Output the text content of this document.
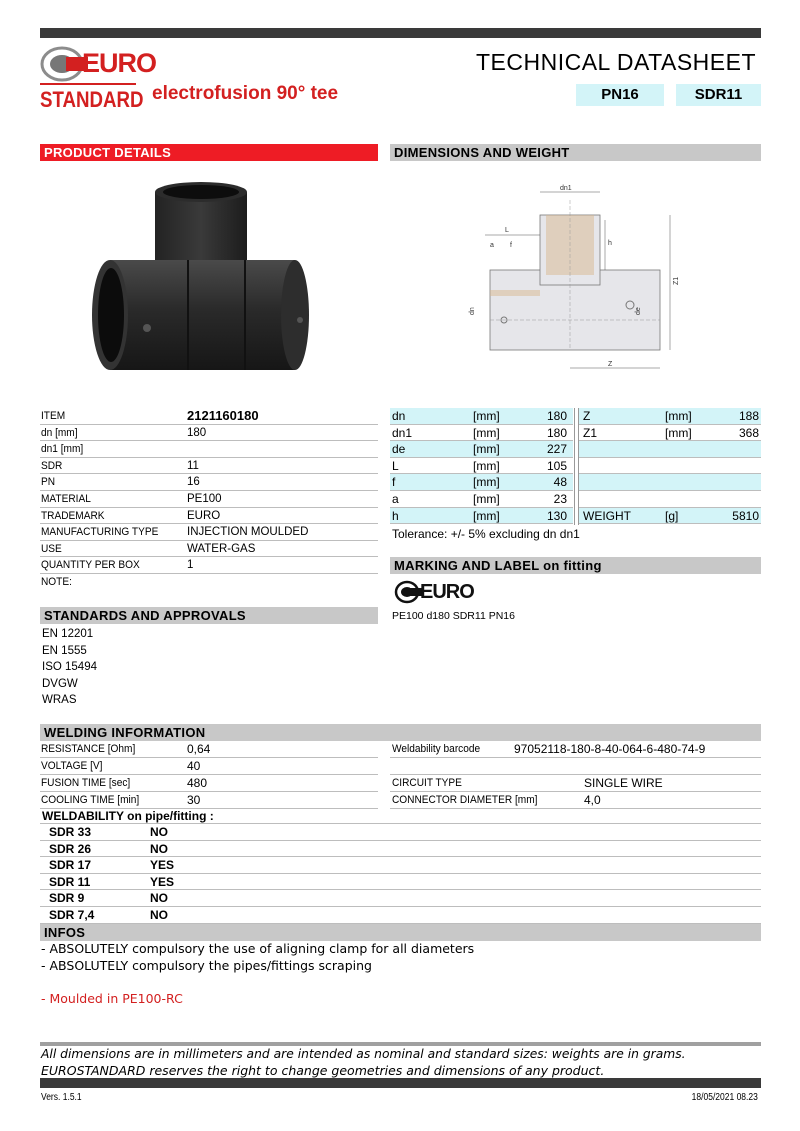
EURO
STANDARD electrofusion 90° tee
TECHNICAL DATASHEET
PN16	SDR11
PRODUCT DETAILS	DIMENSIONS AND WEIGHT
dn1
L
a f	h
dn	de
Z1
Z
ITEM	2121160180
dn [mm]	180
dn1 [mm]
SDR	11
PN	16
MATERIAL	PE100
TRADEMARK	EURO
MANUFACTURING TYPE INJECTION MOULDED
USE	WATER-GAS
QUANTITY PER BOX	1
NOTE:
dn	[mm]	180 Z	[mm]	188
dn1	[mm]	180 Z1	[mm]	368
de	[mm]	227
L	[mm]	105
f	[mm]	48
a	[mm]	23
h	[mm]	130 WEIGHT	[g]	5810
Tolerance: +/- 5% excluding dn dn1
MARKING AND LABEL on fitting
EURO
PE100 d180 SDR11 PN16
STANDARDS AND APPROVALS
EN 12201
EN 1555
ISO 15494
DVGW
WRAS
WELDING INFORMATION
RESISTANCE [Ohm]	0,64	Weldability barcode	97052118-180-8-40-064-6-480-74-9
VOLTAGE [V]	40
FUSION TIME [sec]	480	CIRCUIT TYPE	SINGLE WIRE
COOLING TIME [min]	30	CONNECTOR DIAMETER [mm]	4,0
WELDABILITY on pipe/fitting :
SDR 33	NO
SDR 26	NO
SDR 17	YES
SDR 11	YES
SDR 9	NO
SDR 7,4	NO
INFOS
- ABSOLUTELY compulsory the use of aligning clamp for all diameters
- ABSOLUTELY compulsory the pipes/fittings scraping
- Moulded in PE100-RC
All dimensions are in millimeters and are intended as nominal and standard sizes: weights are in grams.
EUROSTANDARD reserves the right to change geometries and dimensions of any product.
Vers. 1.5.1	18/05/2021 08.23
